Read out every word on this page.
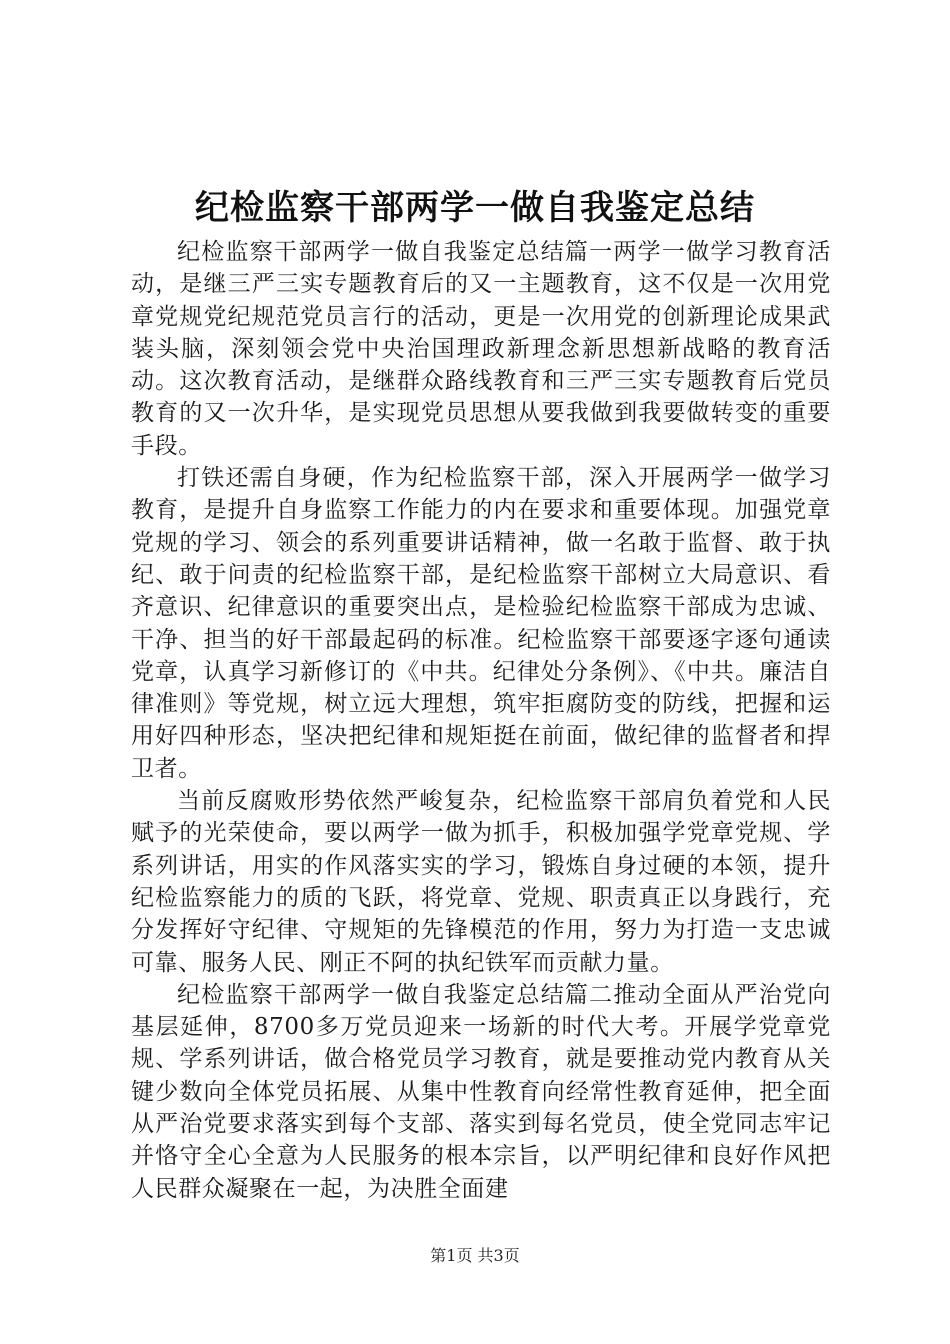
纪检监察干部两学一做自我鉴定总结

纪检监察干部两学一做自我鉴定总结篇一两学一做学习教育活动，是继三严三实专题教育后的又一主题教育，这不仅是一次用党章党规党纪规范党员言行的活动，更是一次用党的创新理论成果武装头脑，深刻领会党中央治国理政新理念新思想新战略的教育活动。这次教育活动，是继群众路线教育和三严三实专题教育后党员教育的又一次升华，是实现党员思想从要我做到我要做转变的重要手段。

打铁还需自身硬，作为纪检监察干部，深入开展两学一做学习教育，是提升自身监察工作能力的内在要求和重要体现。加强党章党规的学习、领会的系列重要讲话精神，做一名敢于监督、敢于执纪、敢于问责的纪检监察干部，是纪检监察干部树立大局意识、看齐意识、纪律意识的重要突出点，是检验纪检监察干部成为忠诚、干净、担当的好干部最起码的标准。纪检监察干部要逐字逐句通读党章，认真学习新修订的《中共。纪律处分条例》、《中共。廉洁自律准则》等党规，树立远大理想，筑牢拒腐防变的防线，把握和运用好四种形态，坚决把纪律和规矩挺在前面，做纪律的监督者和捍卫者。

当前反腐败形势依然严峻复杂，纪检监察干部肩负着党和人民赋予的光荣使命，要以两学一做为抓手，积极加强学党章党规、学系列讲话，用实的作风落实实的学习，锻炼自身过硬的本领，提升纪检监察能力的质的飞跃，将党章、党规、职责真正以身践行，充分发挥好守纪律、守规矩的先锋模范的作用，努力为打造一支忠诚可靠、服务人民、刚正不阿的执纪铁军而贡献力量。

纪检监察干部两学一做自我鉴定总结篇二推动全面从严治党向基层延伸，8700多万党员迎来一场新的时代大考。开展学党章党规、学系列讲话，做合格党员学习教育，就是要推动党内教育从关键少数向全体党员拓展、从集中性教育向经常性教育延伸，把全面从严治党要求落实到每个支部、落实到每名党员，使全党同志牢记并恪守全心全意为人民服务的根本宗旨，以严明纪律和良好作风把人民群众凝聚在一起，为决胜全面建

第1页 共3页
